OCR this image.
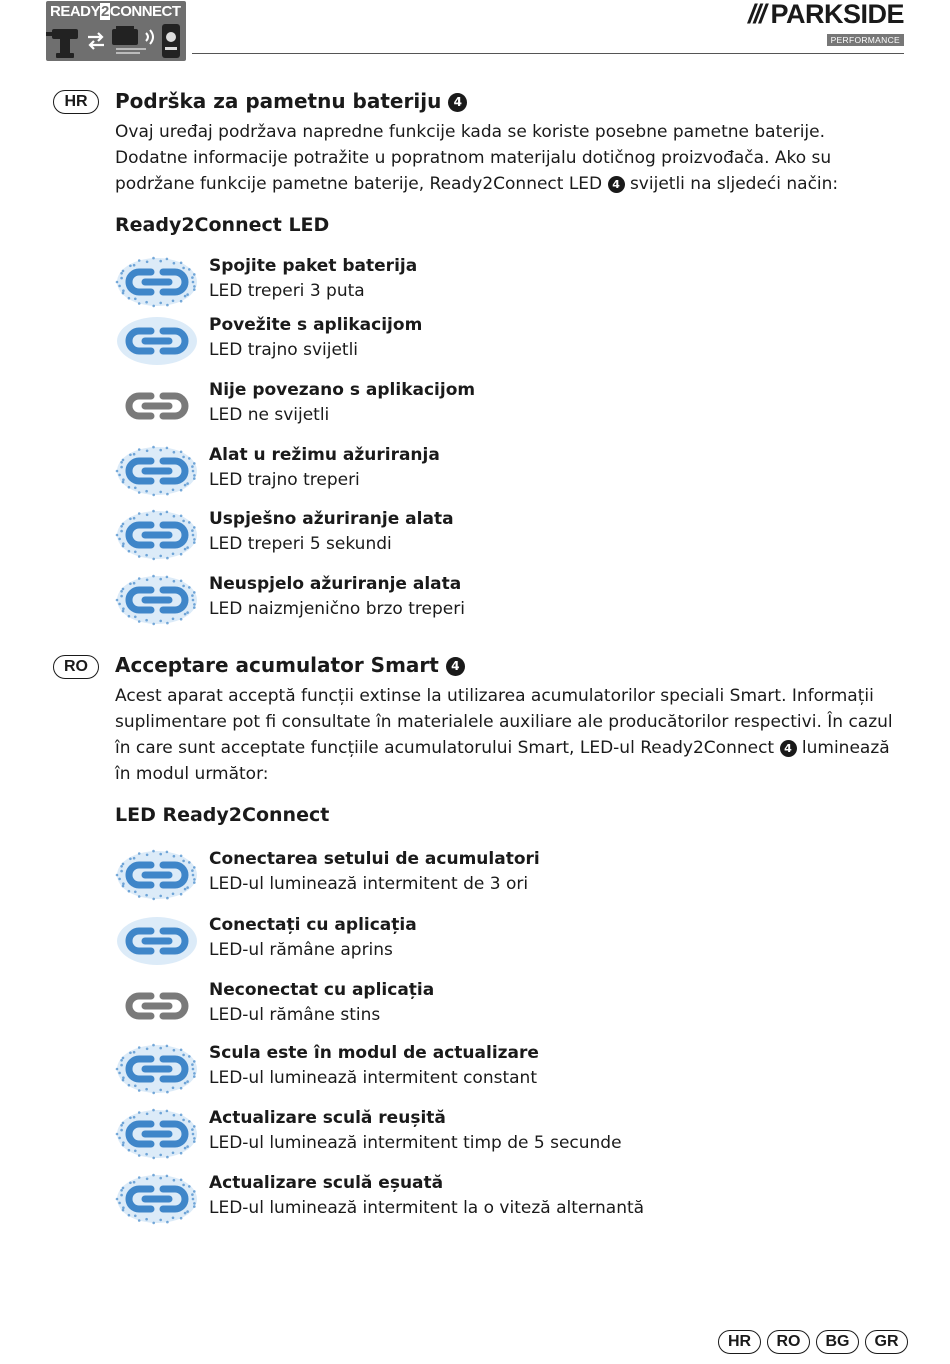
READY2CONNECT	/// PARKSIDE
PERFORMANCE
HR	Podrška za pametnu bateriju 4
Ovaj uređaj podržava napredne funkcije kada se koriste posebne pametne baterije. Dodatne informacije potražite u popratnom materijalu dotičnog proizvođača. Ako su podržane funkcije pametne baterije, Ready2Connect LED 4 svijetli na sljedeći način:
Ready2Connect LED
Spojite paket baterija
LED treperi 3 puta
Povežite s aplikacijom
LED trajno svijetli
Nije povezano s aplikacijom
LED ne svijetli
Alat u režimu ažuriranja
LED trajno treperi
Uspješno ažuriranje alata
LED treperi 5 sekundi
Neuspjelo ažuriranje alata
LED naizmjenično brzo treperi
RO	Acceptare acumulator Smart 4
Acest aparat acceptă funcții extinse la utilizarea acumulatorilor speciali Smart. Informații suplimentare pot fi consultate în materialele auxiliare ale producătorilor respectivi. În cazul în care sunt acceptate funcțiile acumulatorului Smart, LED-ul Ready2Connect 4 luminează în modul următor:
LED Ready2Connect
Conectarea setului de acumulatori
LED-ul luminează intermitent de 3 ori
Conectați cu aplicația
LED-ul rămâne aprins
Neconectat cu aplicația
LED-ul rămâne stins
Scula este în modul de actualizare
LED-ul luminează intermitent constant
Actualizare sculă reușită
LED-ul luminează intermitent timp de 5 secunde
Actualizare sculă eșuată
LED-ul luminează intermitent la o viteză alternantă
HR	RO	BG	GR
